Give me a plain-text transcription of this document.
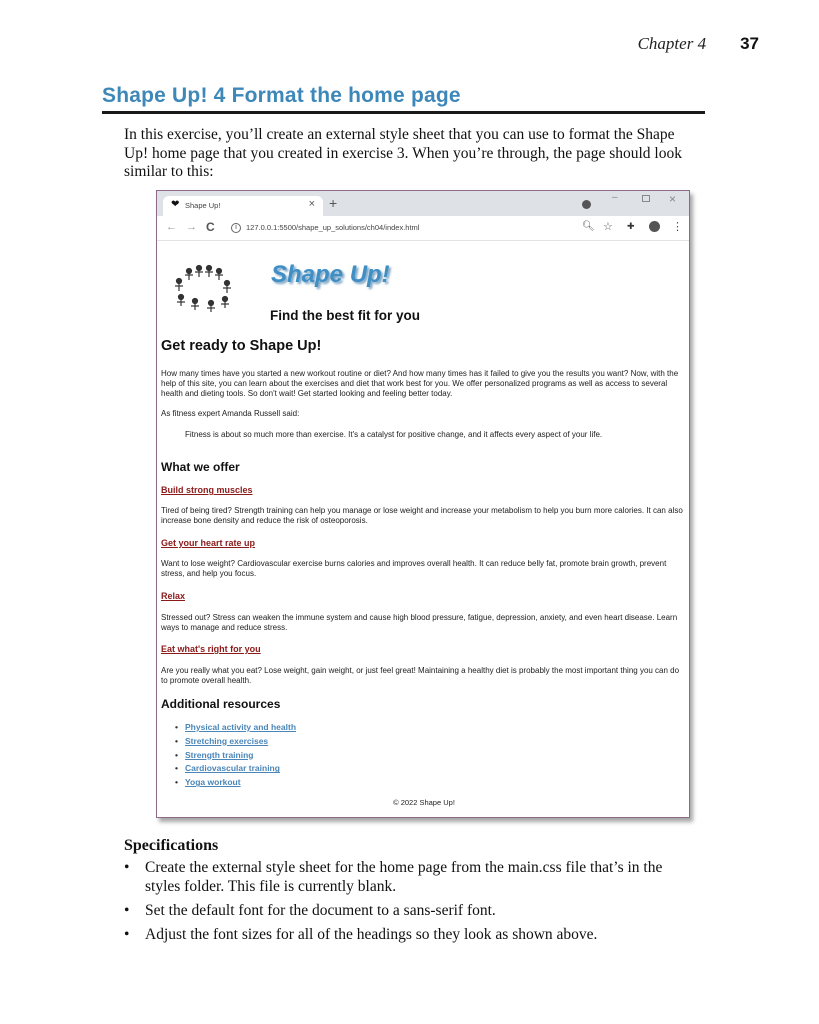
Chapter 4 37
Shape Up! 4 Format the home page

In this exercise, you’ll create an external style sheet that you can use to format the Shape Up! home page that you created in exercise 3. When you’re through, the page should look similar to this:

❤ Shape Up!	× +	–	×
← → C	i	127.0.0.1:5500/shape_up_solutions/ch04/index.html	🔍︎ ☆ ✚	⋮
Shape Up!
Find the best fit for you
Get ready to Shape Up!

How many times have you started a new workout routine or diet? And how many times has it failed to give you the results you want? Now, with the help of this site, you can learn about the exercises and diet that work best for you. We offer personalized programs as well as access to several health and dieting tools. So don't wait! Get started looking and feeling better today.

As fitness expert Amanda Russell said:

Fitness is about so much more than exercise. It's a catalyst for positive change, and it affects every aspect of your life.

What we offer
Build strong muscles

Tired of being tired? Strength training can help you manage or lose weight and increase your metabolism to help you burn more calories. It can also increase bone density and reduce the risk of osteoporosis.

Get your heart rate up

Want to lose weight? Cardiovascular exercise burns calories and improves overall health. It can reduce belly fat, promote brain growth, prevent stress, and help you focus.

Relax

Stressed out? Stress can weaken the immune system and cause high blood pressure, fatigue, depression, anxiety, and even heart disease. Learn ways to manage and reduce stress.

Eat what's right for you

Are you really what you eat? Lose weight, gain weight, or just feel great! Maintaining a healthy diet is probably the most important thing you can do to promote overall health.

Additional resources
• Physical activity and health
• Stretching exercises
• Strength training
• Cardiovascular training
• Yoga workout
© 2022 Shape Up!
Specifications
• Create the external style sheet for the home page from the main.css file that’s in the styles folder. This file is currently blank.
• Set the default font for the document to a sans-serif font.
• Adjust the font sizes for all of the headings so they look as shown above.
